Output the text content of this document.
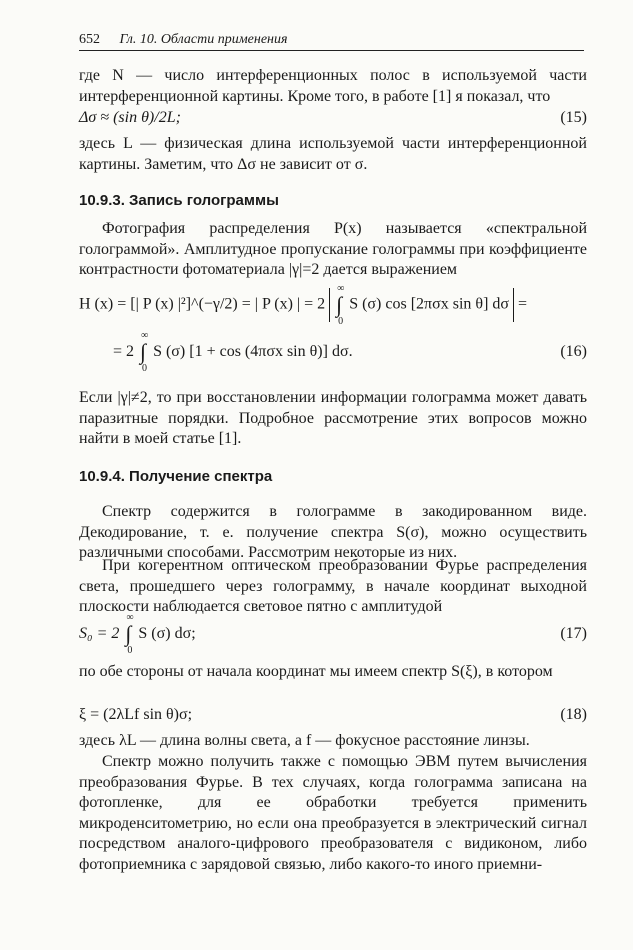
652 Гл. 10. Области применения
где N — число интерференционных полос в используемой части интерференционной картины. Кроме того, в работе [1] я показал, что
Δσ ≈ (sin θ)/2L;	(15)
здесь L — физическая длина используемой части интерференционной картины. Заметим, что Δσ не зависит от σ.
10.9.3. Запись голограммы
Фотография распределения P(x) называется «спектральной голограммой». Амплитудное пропускание голограммы при коэффициенте контрастности фотоматериала |γ|=2 дается выражением
H (x) = [| P (x) |²]^(−γ/2) = | P (x) | = 2 ∫
∞
0
S (σ) cos [2πσx sin θ] dσ =
= 2 ∫
∞
0
S (σ) [1 + cos (4πσx sin θ)] dσ.	(16)
Если |γ|≠2, то при восстановлении информации голограмма может давать паразитные порядки. Подробное рассмотрение этих вопросов можно найти в моей статье [1].
10.9.4. Получение спектра
Спектр содержится в голограмме в закодированном виде. Декодирование, т. е. получение спектра S(σ), можно осуществить различными способами. Рассмотрим некоторые из них.
При когерентном оптическом преобразовании Фурье распределения света, прошедшего через голограмму, в начале координат выходной плоскости наблюдается световое пятно с амплитудой
S₀ = 2 ∫
∞
0
S (σ) dσ;	(17)
по обе стороны от начала координат мы имеем спектр S(ξ), в котором
ξ = (2λLf sin θ)σ;	(18)
здесь λL — длина волны света, а f — фокусное расстояние линзы.
Спектр можно получить также с помощью ЭВМ путем вычисления преобразования Фурье. В тех случаях, когда голограмма записана на фотопленке, для ее обработки требуется применить микроденситометрию, но если она преобразуется в электрический сигнал посредством аналого-цифрового преобразователя с видиконом, либо фотоприемника с зарядовой связью, либо какого-то иного приемни-
